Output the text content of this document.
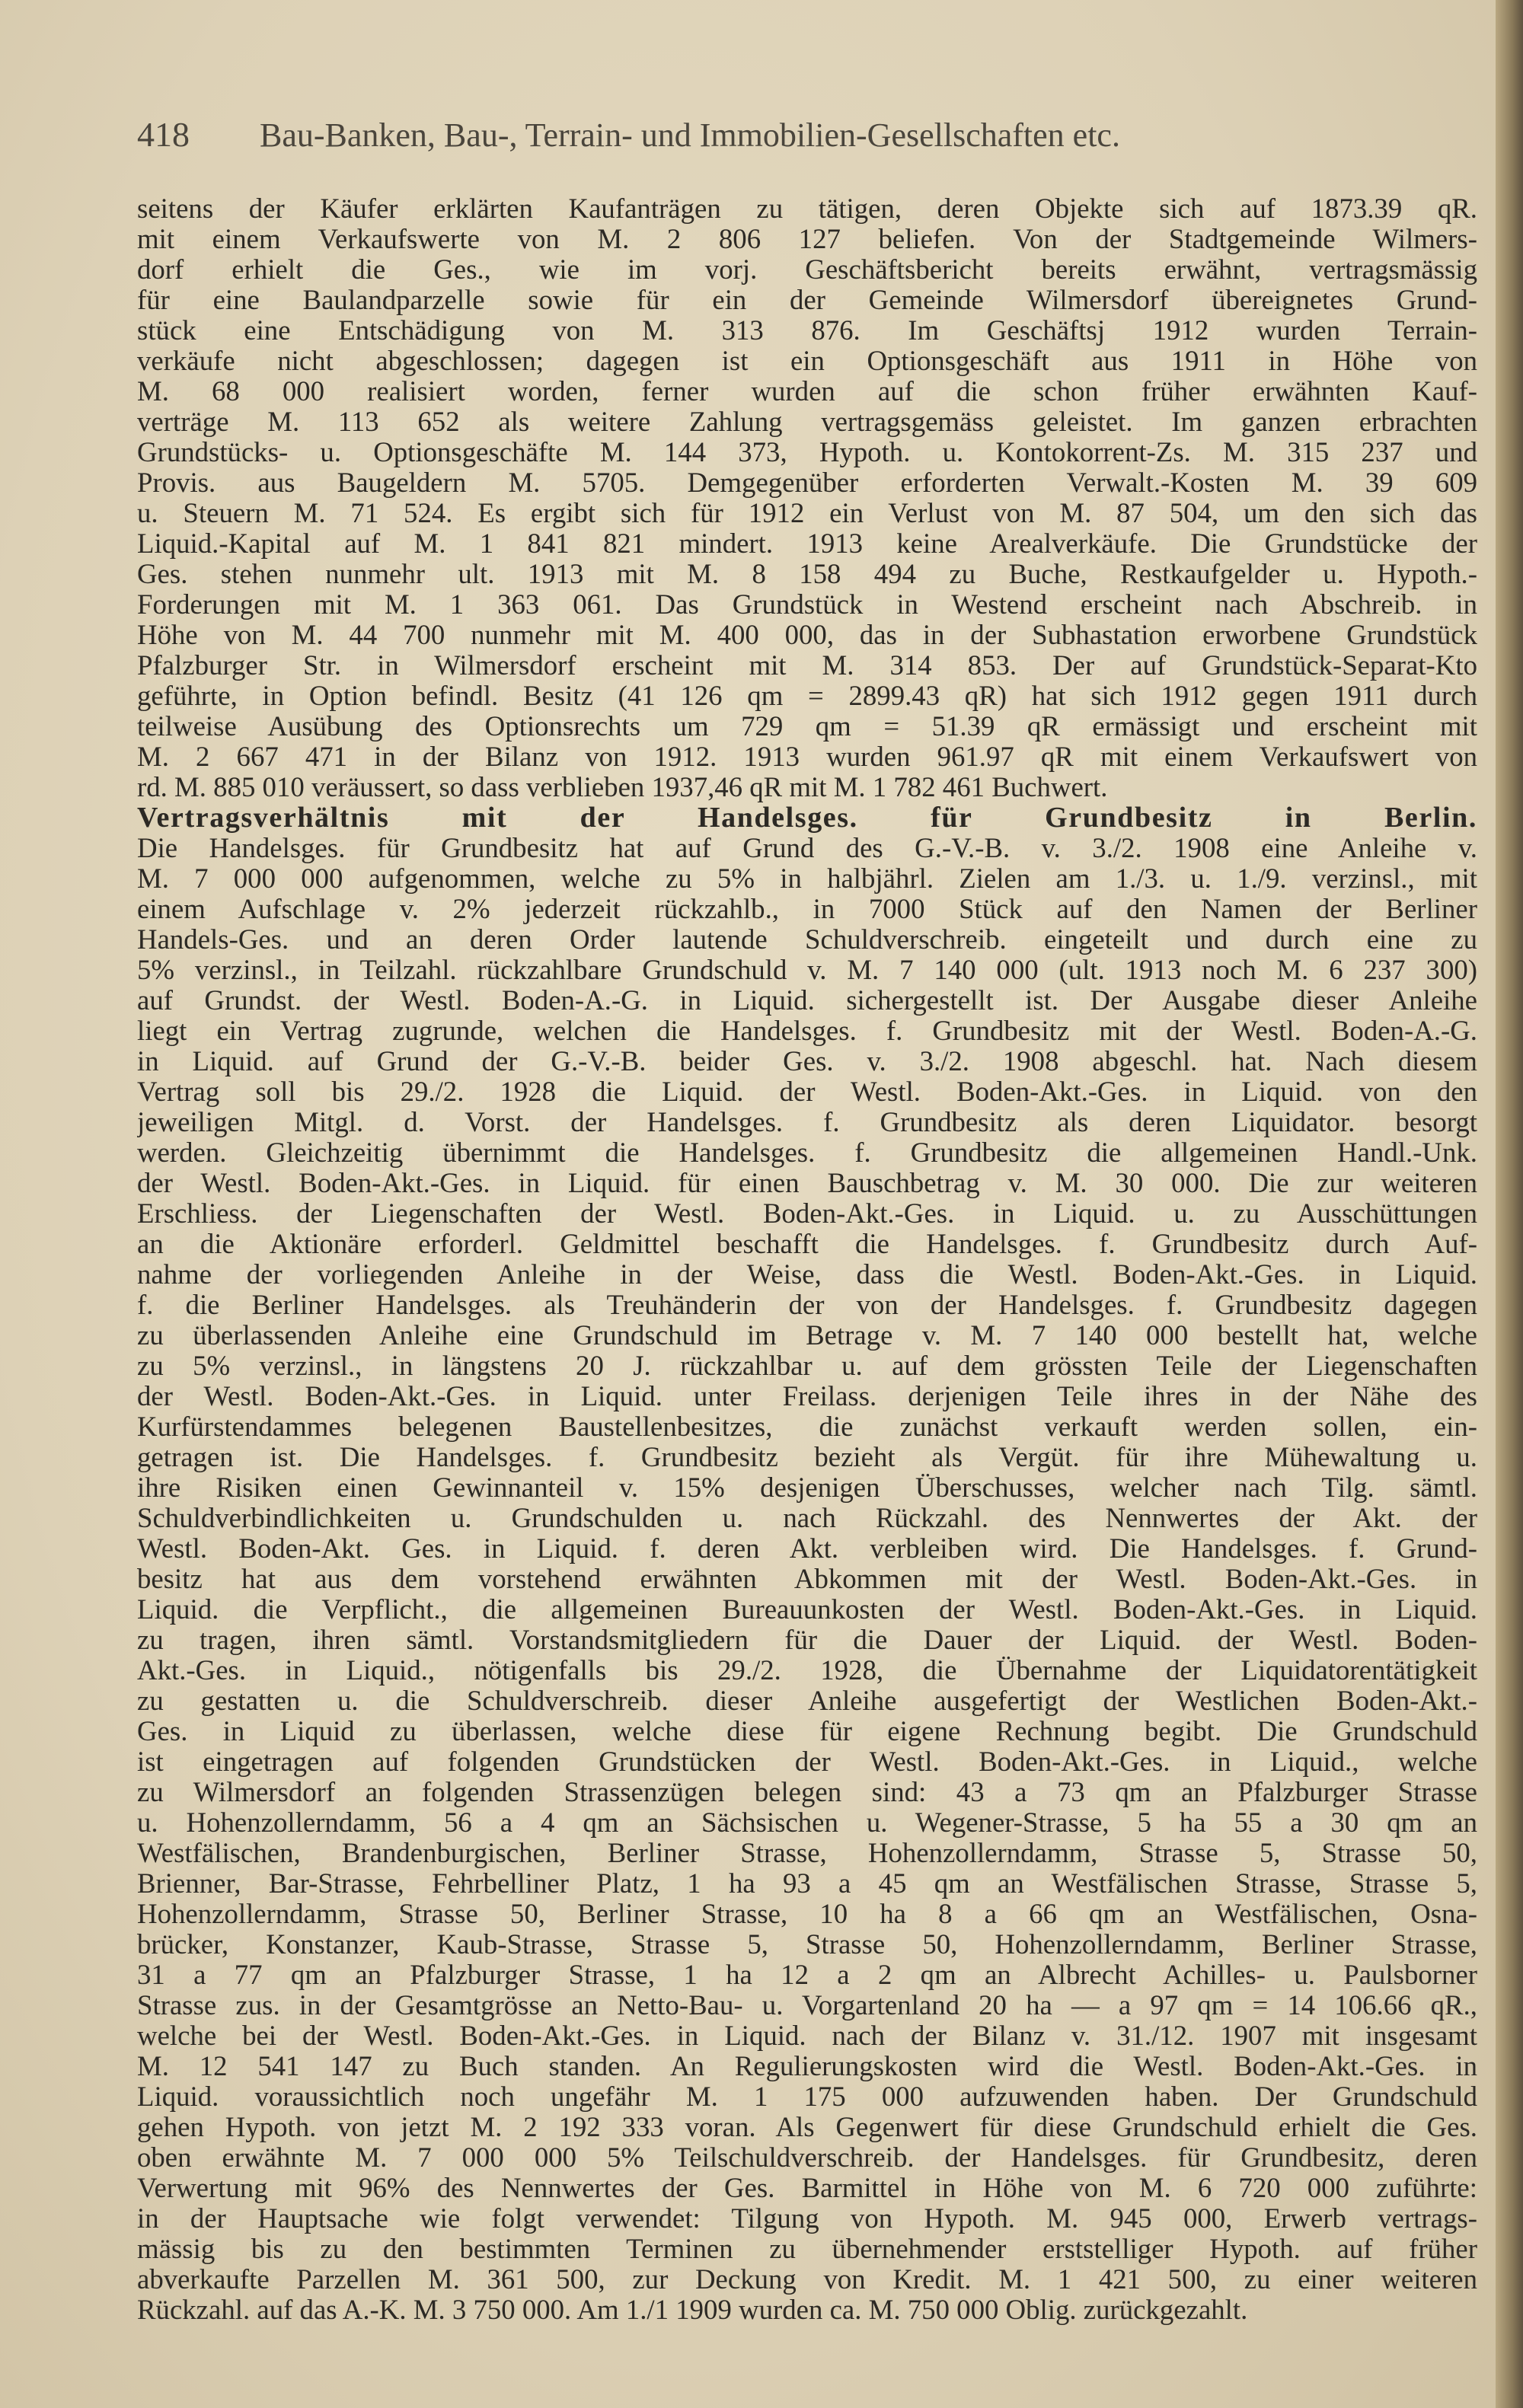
418 Bau-Banken, Bau-, Terrain- und Immobilien-Gesellschaften etc.
seitens der Käufer erklärten Kaufanträgen zu tätigen, deren Objekte sich auf 1873.39 qR.
mit einem Verkaufswerte von M. 2 806 127 beliefen. Von der Stadtgemeinde Wilmers-
dorf erhielt die Ges., wie im vorj. Geschäftsbericht bereits erwähnt, vertragsmässig
für eine Baulandparzelle sowie für ein der Gemeinde Wilmersdorf übereignetes Grund-
stück eine Entschädigung von M. 313 876. Im Geschäftsj 1912 wurden Terrain-
verkäufe nicht abgeschlossen; dagegen ist ein Optionsgeschäft aus 1911 in Höhe von
M. 68 000 realisiert worden, ferner wurden auf die schon früher erwähnten Kauf-
verträge M. 113 652 als weitere Zahlung vertragsgemäss geleistet. Im ganzen erbrachten
Grundstücks- u. Optionsgeschäfte M. 144 373, Hypoth. u. Kontokorrent-Zs. M. 315 237 und
Provis. aus Baugeldern M. 5705. Demgegenüber erforderten Verwalt.-Kosten M. 39 609
u. Steuern M. 71 524. Es ergibt sich für 1912 ein Verlust von M. 87 504, um den sich das
Liquid.-Kapital auf M. 1 841 821 mindert. 1913 keine Arealverkäufe. Die Grundstücke der
Ges. stehen nunmehr ult. 1913 mit M. 8 158 494 zu Buche, Restkaufgelder u. Hypoth.-
Forderungen mit M. 1 363 061. Das Grundstück in Westend erscheint nach Abschreib. in
Höhe von M. 44 700 nunmehr mit M. 400 000, das in der Subhastation erworbene Grundstück
Pfalzburger Str. in Wilmersdorf erscheint mit M. 314 853. Der auf Grundstück-Separat-Kto
geführte, in Option befindl. Besitz (41 126 qm = 2899.43 qR) hat sich 1912 gegen 1911 durch
teilweise Ausübung des Optionsrechts um 729 qm = 51.39 qR ermässigt und erscheint mit
M. 2 667 471 in der Bilanz von 1912. 1913 wurden 961.97 qR mit einem Verkaufswert von
rd. M. 885 010 veräussert, so dass verblieben 1937,46 qR mit M. 1 782 461 Buchwert.
Vertragsverhältnis mit der Handelsges. für Grundbesitz in Berlin.
Die Handelsges. für Grundbesitz hat auf Grund des G.-V.-B. v. 3./2. 1908 eine Anleihe v.
M. 7 000 000 aufgenommen, welche zu 5% in halbjährl. Zielen am 1./3. u. 1./9. verzinsl., mit
einem Aufschlage v. 2% jederzeit rückzahlb., in 7000 Stück auf den Namen der Berliner
Handels-Ges. und an deren Order lautende Schuldverschreib. eingeteilt und durch eine zu
5% verzinsl., in Teilzahl. rückzahlbare Grundschuld v. M. 7 140 000 (ult. 1913 noch M. 6 237 300)
auf Grundst. der Westl. Boden-A.-G. in Liquid. sichergestellt ist. Der Ausgabe dieser Anleihe
liegt ein Vertrag zugrunde, welchen die Handelsges. f. Grundbesitz mit der Westl. Boden-A.-G.
in Liquid. auf Grund der G.-V.-B. beider Ges. v. 3./2. 1908 abgeschl. hat. Nach diesem
Vertrag soll bis 29./2. 1928 die Liquid. der Westl. Boden-Akt.-Ges. in Liquid. von den
jeweiligen Mitgl. d. Vorst. der Handelsges. f. Grundbesitz als deren Liquidator. besorgt
werden. Gleichzeitig übernimmt die Handelsges. f. Grundbesitz die allgemeinen Handl.-Unk.
der Westl. Boden-Akt.-Ges. in Liquid. für einen Bauschbetrag v. M. 30 000. Die zur weiteren
Erschliess. der Liegenschaften der Westl. Boden-Akt.-Ges. in Liquid. u. zu Ausschüttungen
an die Aktionäre erforderl. Geldmittel beschafft die Handelsges. f. Grundbesitz durch Auf-
nahme der vorliegenden Anleihe in der Weise, dass die Westl. Boden-Akt.-Ges. in Liquid.
f. die Berliner Handelsges. als Treuhänderin der von der Handelsges. f. Grundbesitz dagegen
zu überlassenden Anleihe eine Grundschuld im Betrage v. M. 7 140 000 bestellt hat, welche
zu 5% verzinsl., in längstens 20 J. rückzahlbar u. auf dem grössten Teile der Liegenschaften
der Westl. Boden-Akt.-Ges. in Liquid. unter Freilass. derjenigen Teile ihres in der Nähe des
Kurfürstendammes belegenen Baustellenbesitzes, die zunächst verkauft werden sollen, ein-
getragen ist. Die Handelsges. f. Grundbesitz bezieht als Vergüt. für ihre Mühewaltung u.
ihre Risiken einen Gewinnanteil v. 15% desjenigen Überschusses, welcher nach Tilg. sämtl.
Schuldverbindlichkeiten u. Grundschulden u. nach Rückzahl. des Nennwertes der Akt. der
Westl. Boden-Akt. Ges. in Liquid. f. deren Akt. verbleiben wird. Die Handelsges. f. Grund-
besitz hat aus dem vorstehend erwähnten Abkommen mit der Westl. Boden-Akt.-Ges. in
Liquid. die Verpflicht., die allgemeinen Bureauunkosten der Westl. Boden-Akt.-Ges. in Liquid.
zu tragen, ihren sämtl. Vorstandsmitgliedern für die Dauer der Liquid. der Westl. Boden-
Akt.-Ges. in Liquid., nötigenfalls bis 29./2. 1928, die Übernahme der Liquidatorentätigkeit
zu gestatten u. die Schuldverschreib. dieser Anleihe ausgefertigt der Westlichen Boden-Akt.-
Ges. in Liquid zu überlassen, welche diese für eigene Rechnung begibt. Die Grundschuld
ist eingetragen auf folgenden Grundstücken der Westl. Boden-Akt.-Ges. in Liquid., welche
zu Wilmersdorf an folgenden Strassenzügen belegen sind: 43 a 73 qm an Pfalzburger Strasse
u. Hohenzollerndamm, 56 a 4 qm an Sächsischen u. Wegener-Strasse, 5 ha 55 a 30 qm an
Westfälischen, Brandenburgischen, Berliner Strasse, Hohenzollerndamm, Strasse 5, Strasse 50,
Brienner, Bar-Strasse, Fehrbelliner Platz, 1 ha 93 a 45 qm an Westfälischen Strasse, Strasse 5,
Hohenzollerndamm, Strasse 50, Berliner Strasse, 10 ha 8 a 66 qm an Westfälischen, Osna-
brücker, Konstanzer, Kaub-Strasse, Strasse 5, Strasse 50, Hohenzollerndamm, Berliner Strasse,
31 a 77 qm an Pfalzburger Strasse, 1 ha 12 a 2 qm an Albrecht Achilles- u. Paulsborner
Strasse zus. in der Gesamtgrösse an Netto-Bau- u. Vorgartenland 20 ha — a 97 qm = 14 106.66 qR.,
welche bei der Westl. Boden-Akt.-Ges. in Liquid. nach der Bilanz v. 31./12. 1907 mit insgesamt
M. 12 541 147 zu Buch standen. An Regulierungskosten wird die Westl. Boden-Akt.-Ges. in
Liquid. voraussichtlich noch ungefähr M. 1 175 000 aufzuwenden haben. Der Grundschuld
gehen Hypoth. von jetzt M. 2 192 333 voran. Als Gegenwert für diese Grundschuld erhielt die Ges.
oben erwähnte M. 7 000 000 5% Teilschuldverschreib. der Handelsges. für Grundbesitz, deren
Verwertung mit 96% des Nennwertes der Ges. Barmittel in Höhe von M. 6 720 000 zuführte:
in der Hauptsache wie folgt verwendet: Tilgung von Hypoth. M. 945 000, Erwerb vertrags-
mässig bis zu den bestimmten Terminen zu übernehmender erststelliger Hypoth. auf früher
abverkaufte Parzellen M. 361 500, zur Deckung von Kredit. M. 1 421 500, zu einer weiteren
Rückzahl. auf das A.-K. M. 3 750 000. Am 1./1 1909 wurden ca. M. 750 000 Oblig. zurückgezahlt.
